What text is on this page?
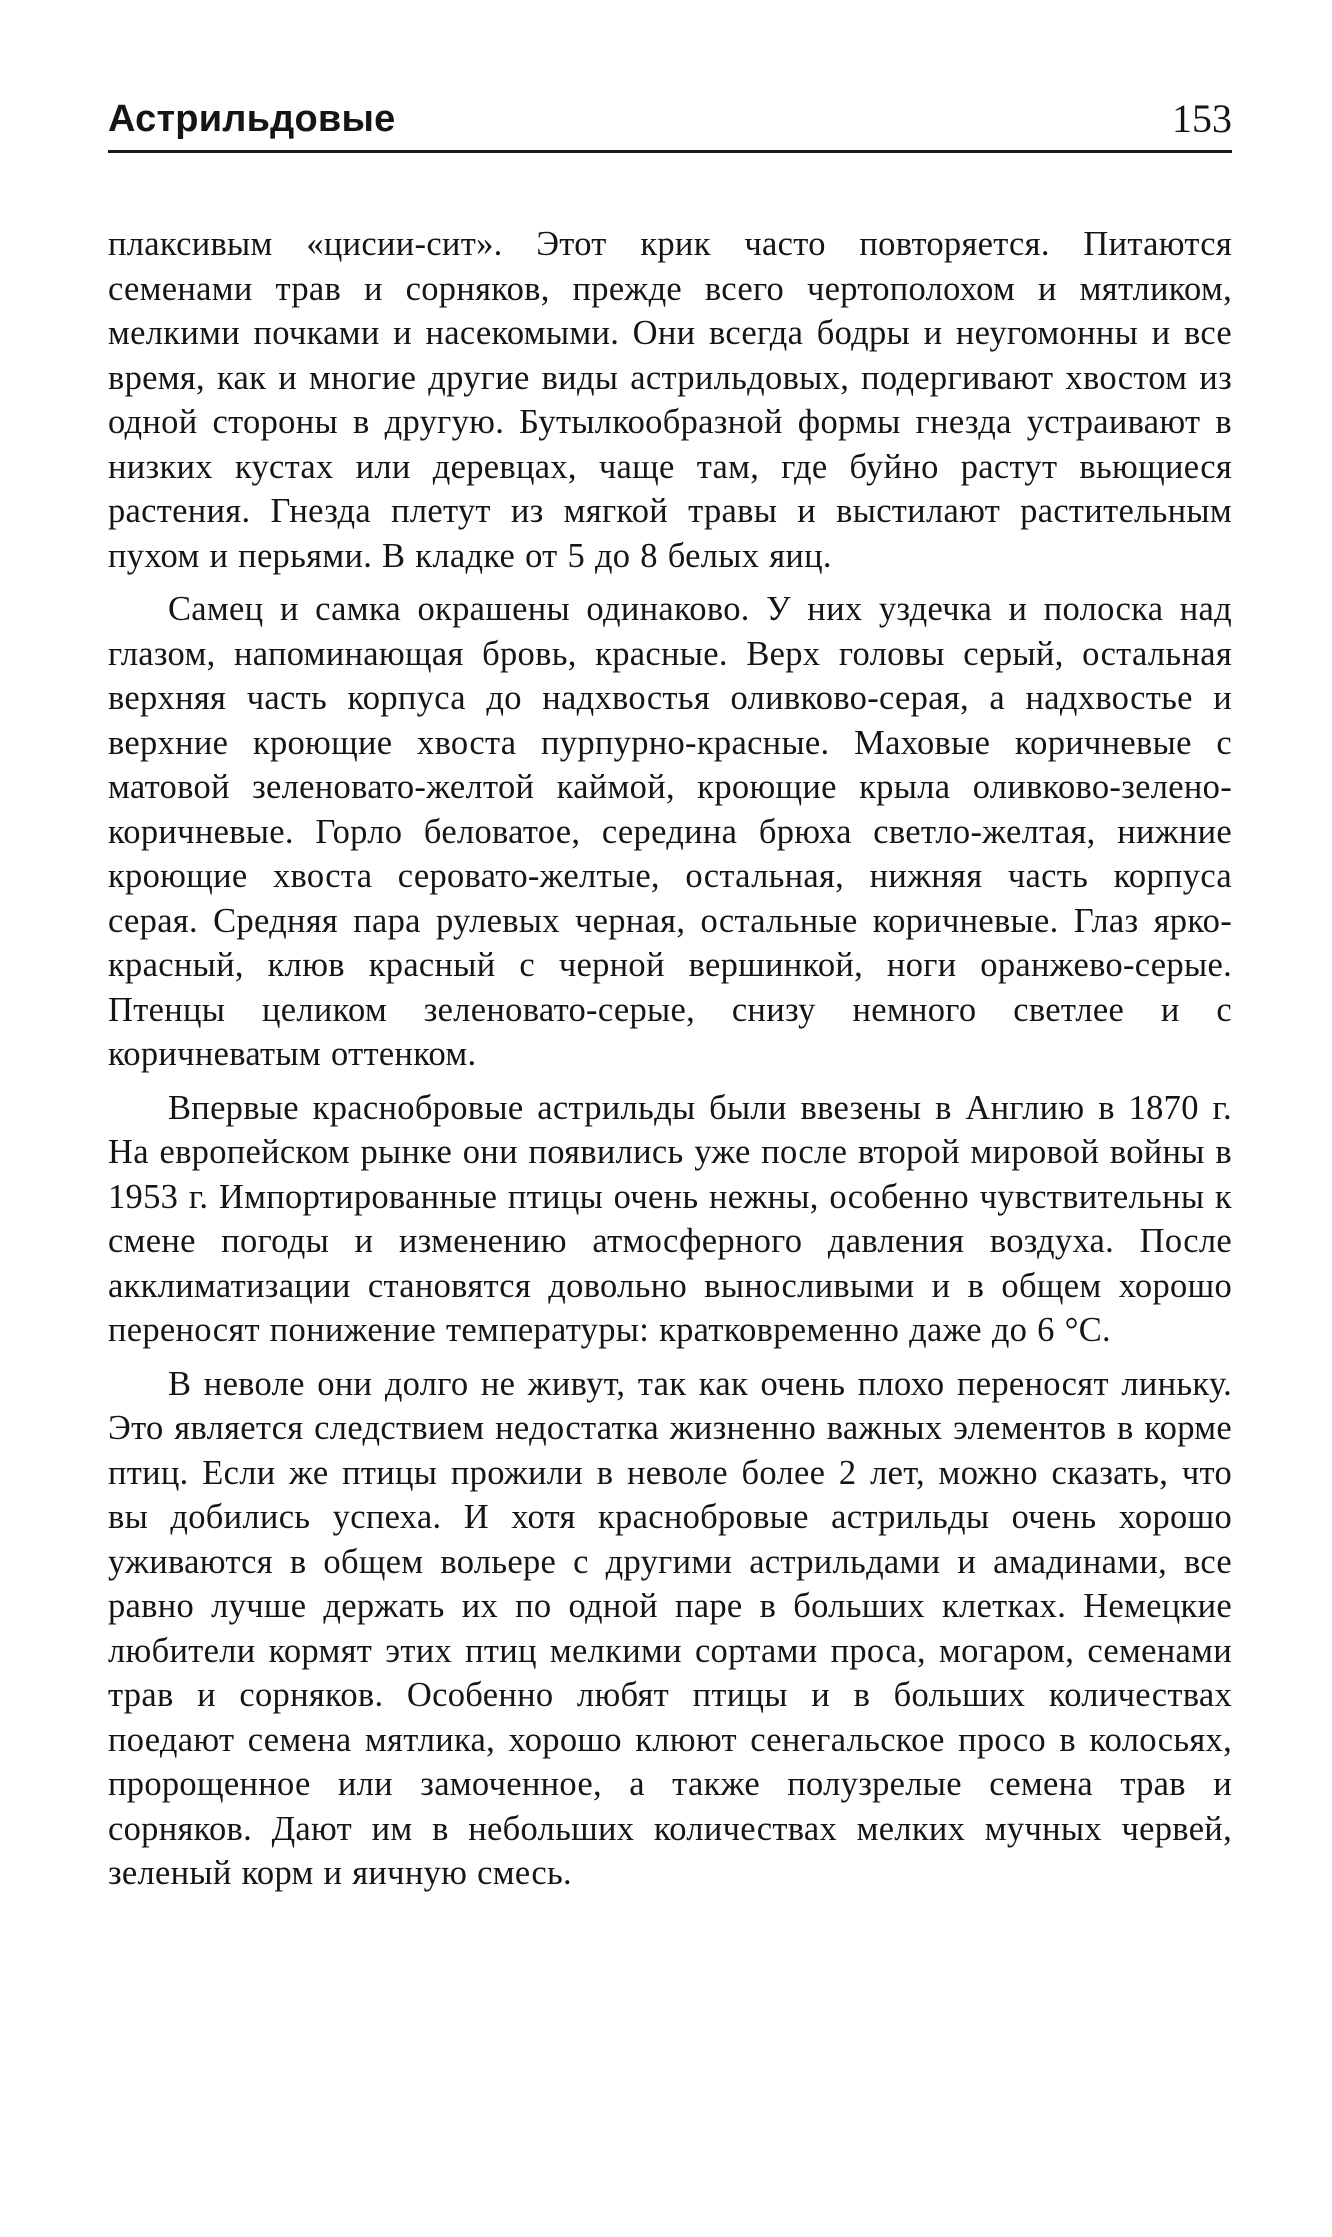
Астрильдовые	153

плаксивым «цисии-сит». Этот крик часто повторяется. Питаются семенами трав и сорняков, прежде всего чертополохом и мятликом, мелкими почками и насекомыми. Они всегда бодры и неугомонны и все время, как и многие другие виды астрильдовых, подергивают хвостом из одной стороны в другую. Бутылкообразной формы гнезда устраивают в низких кустах или деревцах, чаще там, где буйно растут вьющиеся растения. Гнезда плетут из мягкой травы и выстилают растительным пухом и перьями. В кладке от 5 до 8 белых яиц.

Самец и самка окрашены одинаково. У них уздечка и полоска над глазом, напоминающая бровь, красные. Верх головы серый, остальная верхняя часть корпуса до надхвостья оливково-серая, а надхвостье и верхние кроющие хвоста пурпурно-красные. Маховые коричневые с матовой зеленовато-желтой каймой, кроющие крыла оливково-зелено-коричневые. Горло беловатое, середина брюха светло-желтая, нижние кроющие хвоста серовато-желтые, остальная, нижняя часть корпуса серая. Средняя пара рулевых черная, остальные коричневые. Глаз ярко-красный, клюв красный с черной вершинкой, ноги оранжево-серые. Птенцы целиком зеленовато-серые, снизу немного светлее и с коричневатым оттенком.

Впервые краснобровые астрильды были ввезены в Англию в 1870 г. На европейском рынке они появились уже после второй мировой войны в 1953 г. Импортированные птицы очень нежны, особенно чувствительны к смене погоды и изменению атмосферного давления воздуха. После акклиматизации становятся довольно выносливыми и в общем хорошо переносят понижение температуры: кратковременно даже до 6 °С.

В неволе они долго не живут, так как очень плохо переносят линьку. Это является следствием недостатка жизненно важных элементов в корме птиц. Если же птицы прожили в неволе более 2 лет, можно сказать, что вы добились успеха. И хотя краснобровые астрильды очень хорошо уживаются в общем вольере с другими астрильдами и амадинами, все равно лучше держать их по одной паре в больших клетках. Немецкие любители кормят этих птиц мелкими сортами проса, могаром, семенами трав и сорняков. Особенно любят птицы и в больших количествах поедают семена мятлика, хорошо клюют сенегальское просо в колосьях, пророщенное или замоченное, а также полузрелые семена трав и сорняков. Дают им в небольших количествах мелких мучных червей, зеленый корм и яичную смесь.
